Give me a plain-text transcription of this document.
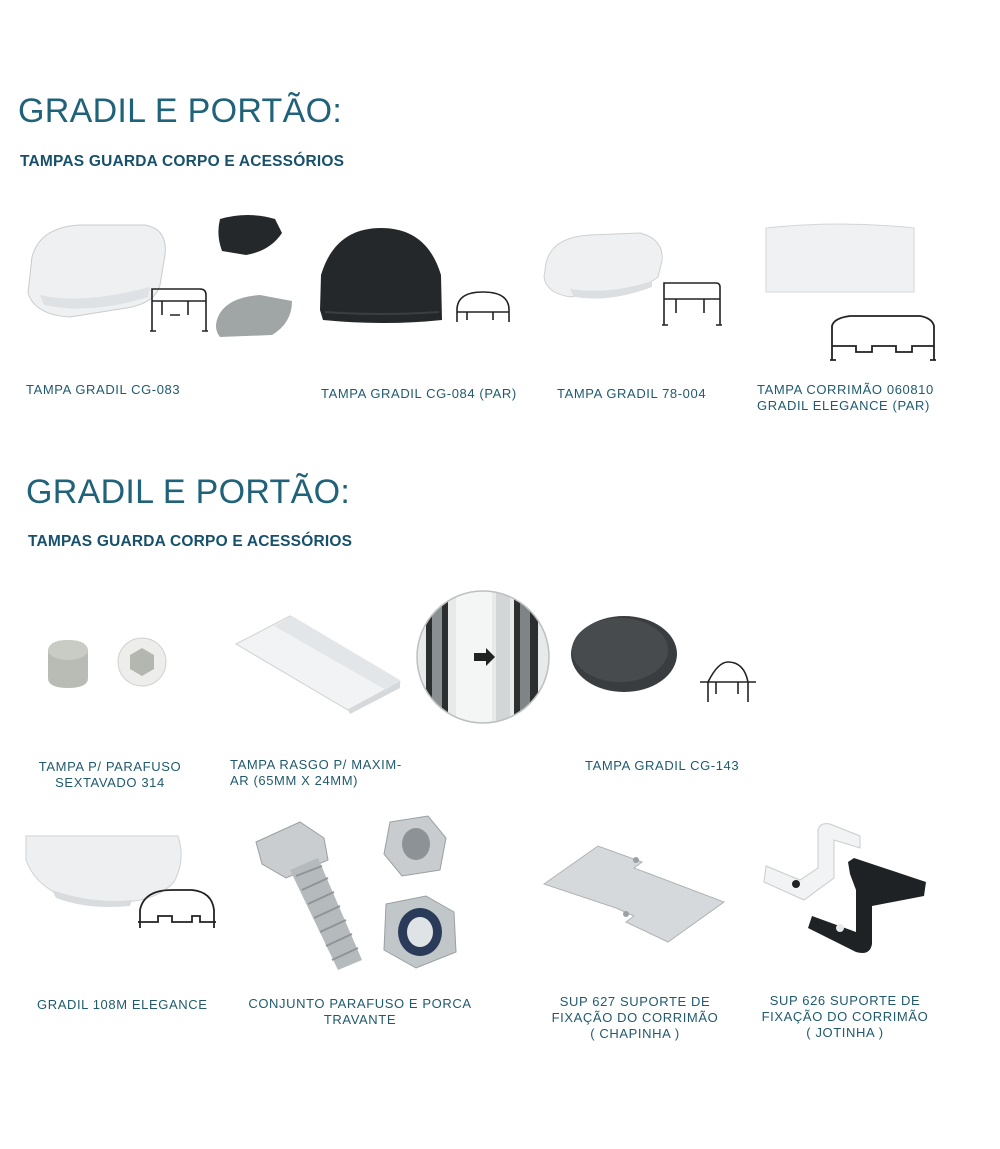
GRADIL E PORTÃO:
TAMPAS GUARDA CORPO E ACESSÓRIOS
TAMPA GRADIL CG-083	TAMPA GRADIL CG-084 (PAR)	TAMPA GRADIL 78-004	TAMPA CORRIMÃO 060810
GRADIL ELEGANCE (PAR)
GRADIL E PORTÃO:
TAMPAS GUARDA CORPO E ACESSÓRIOS
TAMPA P/ PARAFUSO
SEXTAVADO 314
TAMPA RASGO P/ MAXIM-
AR (65MM X 24MM)
TAMPA GRADIL CG-143
GRADIL 108M ELEGANCE	CONJUNTO PARAFUSO E PORCA
TRAVANTE
SUP 627 SUPORTE DE
FIXAÇÃO DO CORRIMÃO
( CHAPINHA )
SUP 626 SUPORTE DE
FIXAÇÃO DO CORRIMÃO
( JOTINHA )
